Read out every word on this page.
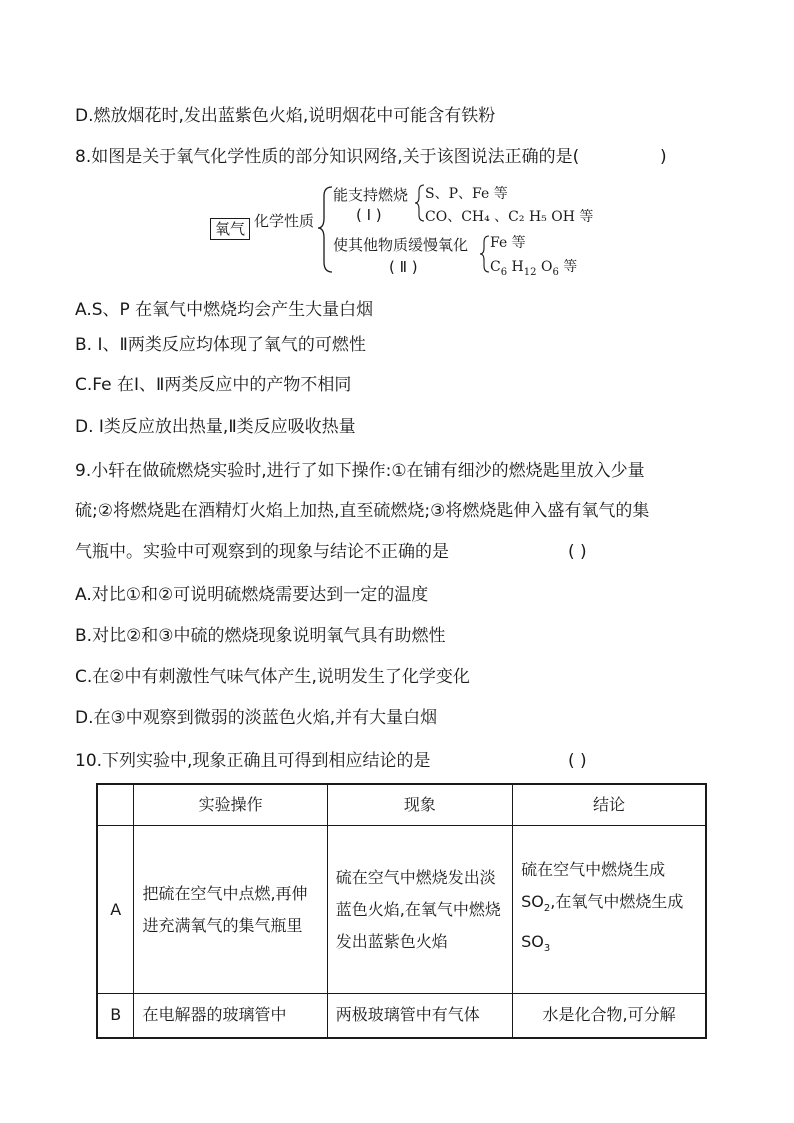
D.燃放烟花时,发出蓝紫色火焰,说明烟花中可能含有铁粉
8.如图是关于氧气化学性质的部分知识网络,关于该图说法正确的是(	)
氧气 化学性质
能支持燃烧
( Ⅰ )
S、P、Fe 等
CO、CH₄ 、C₂ H₅ OH 等
使其他物质缓慢氧化
( Ⅱ )
Fe 等
$C_6$ $H_{12}$ $O_6$ 等
A.S、P 在氧气中燃烧均会产生大量白烟
B. Ⅰ、Ⅱ两类反应均体现了氧气的可燃性
C.Fe 在Ⅰ、Ⅱ两类反应中的产物不相同
D. Ⅰ类反应放出热量,Ⅱ类反应吸收热量
9.小轩在做硫燃烧实验时,进行了如下操作:①在铺有细沙的燃烧匙里放入少量
硫;②将燃烧匙在酒精灯火焰上加热,直至硫燃烧;③将燃烧匙伸入盛有氧气的集
气瓶中。实验中可观察到的现象与结论不正确的是	( )
A.对比①和②可说明硫燃烧需要达到一定的温度
B.对比②和③中硫的燃烧现象说明氧气具有助燃性
C.在②中有刺激性气味气体产生,说明发生了化学变化
D.在③中观察到微弱的淡蓝色火焰,并有大量白烟
10.下列实验中,现象正确且可得到相应结论的是	( )
	实验操作	现象	结论
A	把硫在空气中点燃,再伸进充满氧气的集气瓶里	硫在空气中燃烧发出淡蓝色火焰,在氧气中燃烧发出蓝紫色火焰	硫在空气中燃烧生成 $SO_2$,在氧气中燃烧生成 $SO_3$
B	在电解器的玻璃管中	两极玻璃管中有气体	水是化合物,可分解
